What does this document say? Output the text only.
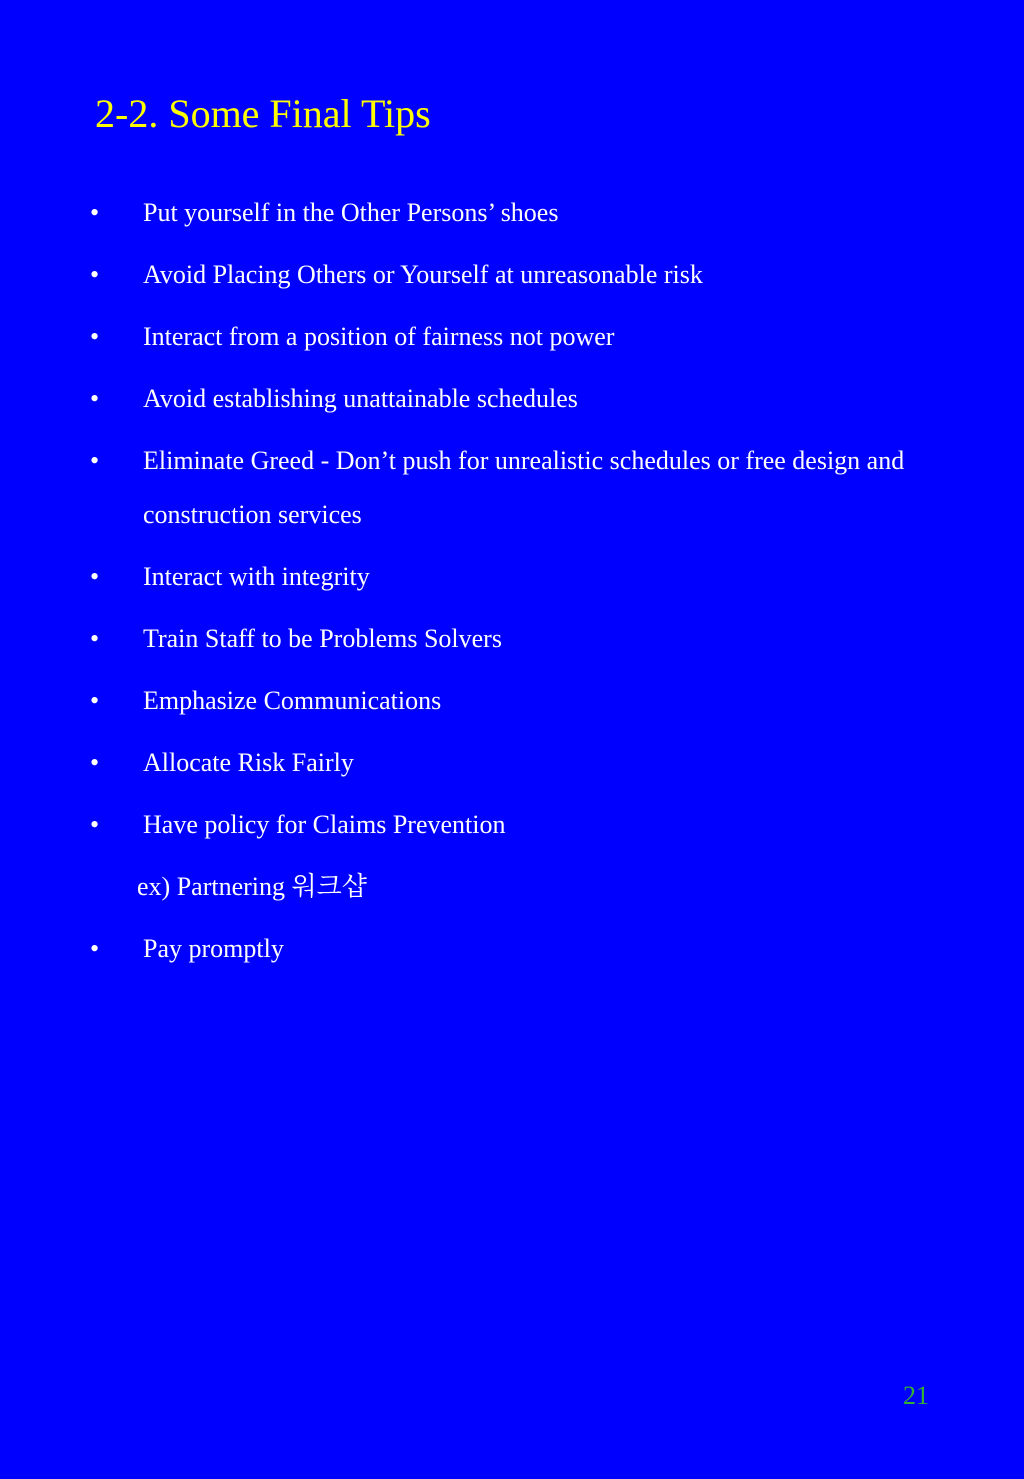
2-2. Some Final Tips
•	Put yourself in the Other Persons’ shoes
•	Avoid Placing Others or Yourself at unreasonable risk
•	Interact from a position of fairness not power
•	Avoid establishing unattainable schedules
•	Eliminate Greed - Don’t push for unrealistic schedules or free design and construction services
•	Interact with integrity
•	Train Staff to be Problems Solvers
•	Emphasize Communications
•	Allocate Risk Fairly
•	Have policy for Claims Prevention
ex) Partnering 워크샵
•	Pay promptly
21
